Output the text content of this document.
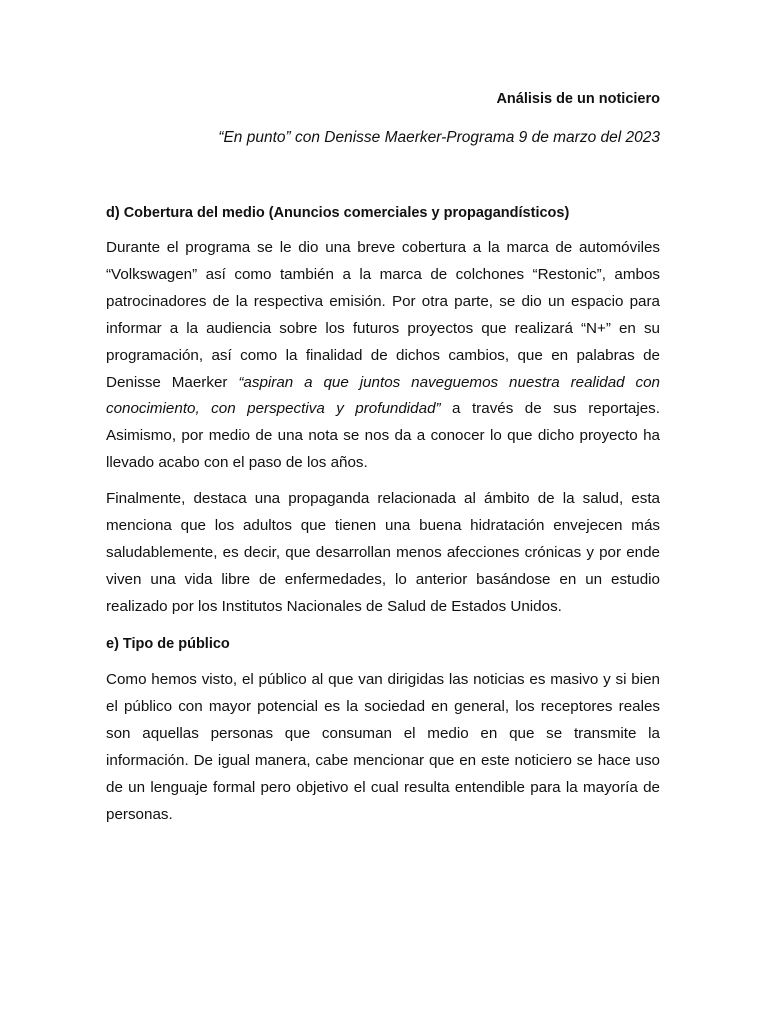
Análisis de un noticiero
“En punto” con Denisse Maerker-Programa 9 de marzo del 2023
d) Cobertura del medio (Anuncios comerciales y propagandísticos)

Durante el programa se le dio una breve cobertura a la marca de automóviles “Volkswagen” así como también a la marca de colchones “Restonic”, ambos patrocinadores de la respectiva emisión. Por otra parte, se dio un espacio para informar a la audiencia sobre los futuros proyectos que realizará “N+” en su programación, así como la finalidad de dichos cambios, que en palabras de Denisse Maerker “aspiran a que juntos naveguemos nuestra realidad con conocimiento, con perspectiva y profundidad” a través de sus reportajes. Asimismo, por medio de una nota se nos da a conocer lo que dicho proyecto ha llevado acabo con el paso de los años.

Finalmente, destaca una propaganda relacionada al ámbito de la salud, esta menciona que los adultos que tienen una buena hidratación envejecen más saludablemente, es decir, que desarrollan menos afecciones crónicas y por ende viven una vida libre de enfermedades, lo anterior basándose en un estudio realizado por los Institutos Nacionales de Salud de Estados Unidos.

e) Tipo de público

Como hemos visto, el público al que van dirigidas las noticias es masivo y si bien el público con mayor potencial es la sociedad en general, los receptores reales son aquellas personas que consuman el medio en que se transmite la información. De igual manera, cabe mencionar que en este noticiero se hace uso de un lenguaje formal pero objetivo el cual resulta entendible para la mayoría de personas.
